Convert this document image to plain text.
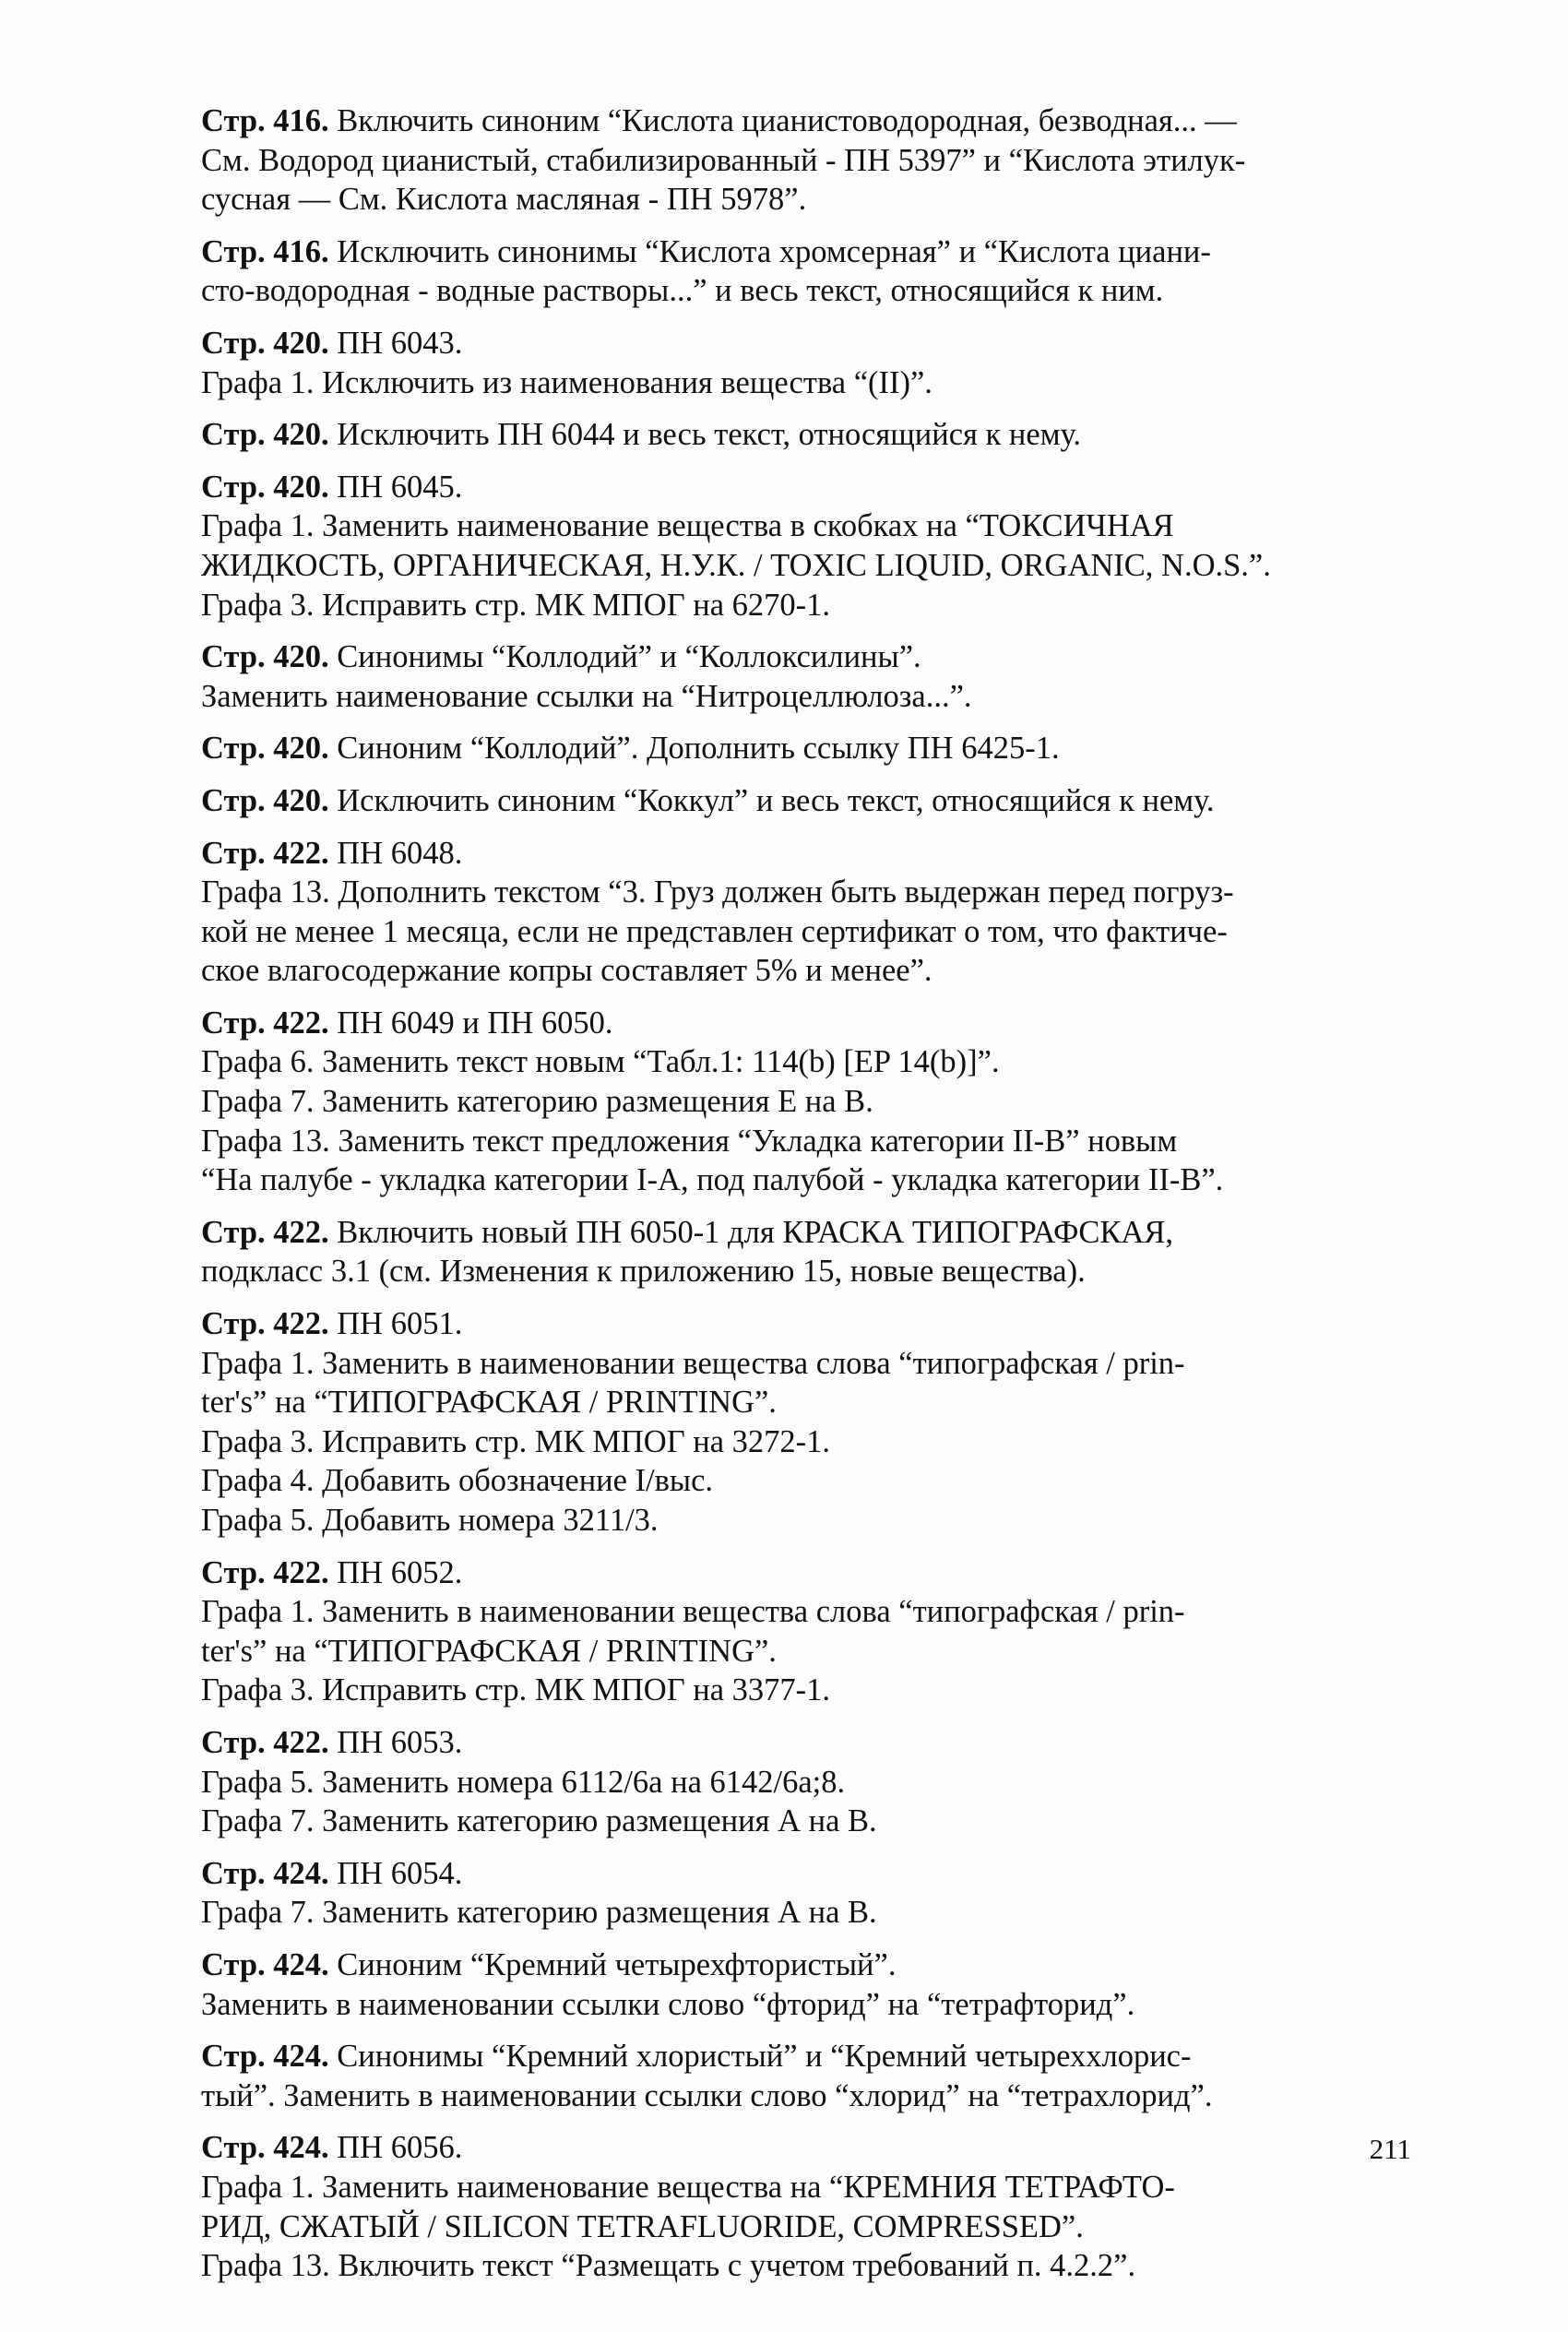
Стр. 416. Включить синоним “Кислота цианистоводородная, безводная... —
См. Водород цианистый, стабилизированный - ПН 5397” и “Кислота этилук-
сусная — См. Кислота масляная - ПН 5978”.
Стр. 416. Исключить синонимы “Кислота хромсерная” и “Кислота циани-
сто-водородная - водные растворы...” и весь текст, относящийся к ним.
Стр. 420. ПН 6043.
Графа 1. Исключить из наименования вещества “(II)”.
Стр. 420. Исключить ПН 6044 и весь текст, относящийся к нему.
Стр. 420. ПН 6045.
Графа 1. Заменить наименование вещества в скобках на “ТОКСИЧНАЯ
ЖИДКОСТЬ, ОРГАНИЧЕСКАЯ, Н.У.К. / TOXIC LIQUID, ORGANIC, N.O.S.”.
Графа 3. Исправить стр. МК МПОГ на 6270-1.
Стр. 420. Синонимы “Коллодий” и “Коллоксилины”.
Заменить наименование ссылки на “Нитроцеллюлоза...”.
Стр. 420. Синоним “Коллодий”. Дополнить ссылку ПН 6425-1.
Стр. 420. Исключить синоним “Коккул” и весь текст, относящийся к нему.
Стр. 422. ПН 6048.
Графа 13. Дополнить текстом “3. Груз должен быть выдержан перед погруз-
кой не менее 1 месяца, если не представлен сертификат о том, что фактиче-
ское влагосодержание копры составляет 5% и менее”.
Стр. 422. ПН 6049 и ПН 6050.
Графа 6. Заменить текст новым “Табл.1: 114(b) [EP 14(b)]”.
Графа 7. Заменить категорию размещения Е на В.
Графа 13. Заменить текст предложения “Укладка категории II-B” новым
“На палубе - укладка категории I-A, под палубой - укладка категории II-B”.
Стр. 422. Включить новый ПН 6050-1 для КРАСКА ТИПОГРАФСКАЯ,
подкласс 3.1 (см. Изменения к приложению 15, новые вещества).
Стр. 422. ПН 6051.
Графа 1. Заменить в наименовании вещества слова “типографская / prin-
ter's” на “ТИПОГРАФСКАЯ / PRINTING”.
Графа 3. Исправить стр. МК МПОГ на 3272-1.
Графа 4. Добавить обозначение I/выс.
Графа 5. Добавить номера 3211/3.
Стр. 422. ПН 6052.
Графа 1. Заменить в наименовании вещества слова “типографская / prin-
ter's” на “ТИПОГРАФСКАЯ / PRINTING”.
Графа 3. Исправить стр. МК МПОГ на 3377-1.
Стр. 422. ПН 6053.
Графа 5. Заменить номера 6112/6а на 6142/6а;8.
Графа 7. Заменить категорию размещения А на В.
Стр. 424. ПН 6054.
Графа 7. Заменить категорию размещения А на В.
Стр. 424. Синоним “Кремний четырехфтористый”.
Заменить в наименовании ссылки слово “фторид” на “тетрафторид”.
Стр. 424. Синонимы “Кремний хлористый” и “Кремний четыреххлорис-
тый”. Заменить в наименовании ссылки слово “хлорид” на “тетрахлорид”.
Стр. 424. ПН 6056.
Графа 1. Заменить наименование вещества на “КРЕМНИЯ ТЕТРАФТО-
РИД, СЖАТЫЙ / SILICON TETRAFLUORIDE, COMPRESSED”.
Графа 13. Включить текст “Размещать с учетом требований п. 4.2.2”.
211
